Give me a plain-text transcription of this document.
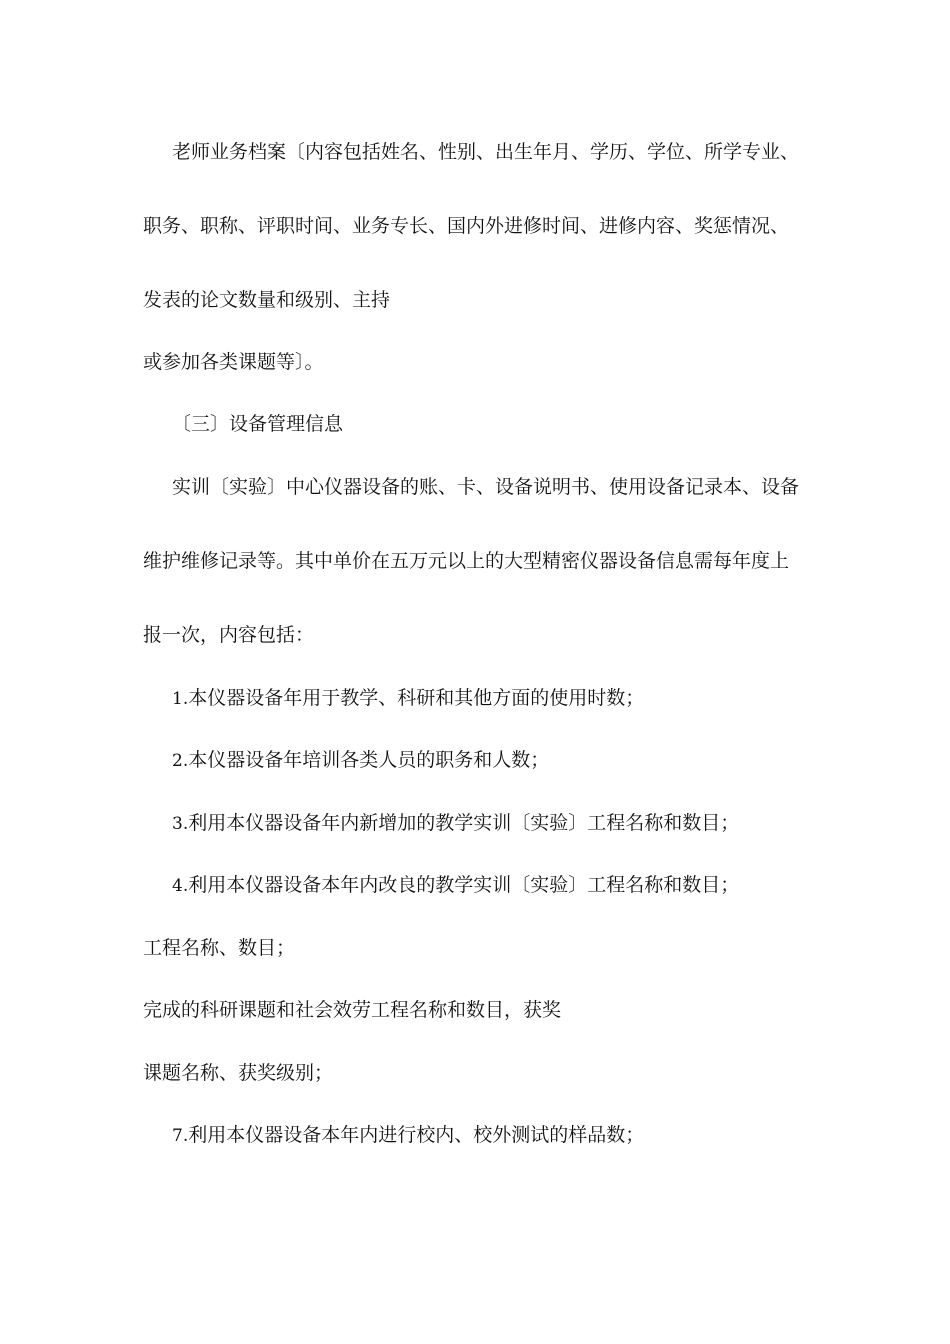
老师业务档案〔内容包括姓名、性别、出生年月、学历、学位、所学专业、
职务、职称、评职时间、业务专长、国内外进修时间、进修内容、奖惩情况、
发表的论文数量和级别、主持
或参加各类课题等〕。
〔三〕设备管理信息
实训〔实验〕中心仪器设备的账、卡、设备说明书、使用设备记录本、设备
维护维修记录等。其中单价在五万元以上的大型精密仪器设备信息需每年度上
报一次，内容包括：
1.本仪器设备年用于教学、科研和其他方面的使用时数；
2.本仪器设备年培训各类人员的职务和人数；
3.利用本仪器设备年内新增加的教学实训〔实验〕工程名称和数目；
4.利用本仪器设备本年内改良的教学实训〔实验〕工程名称和数目；
工程名称、数目；
完成的科研课题和社会效劳工程名称和数目，获奖
课题名称、获奖级别；
7.利用本仪器设备本年内进行校内、校外测试的样品数；
